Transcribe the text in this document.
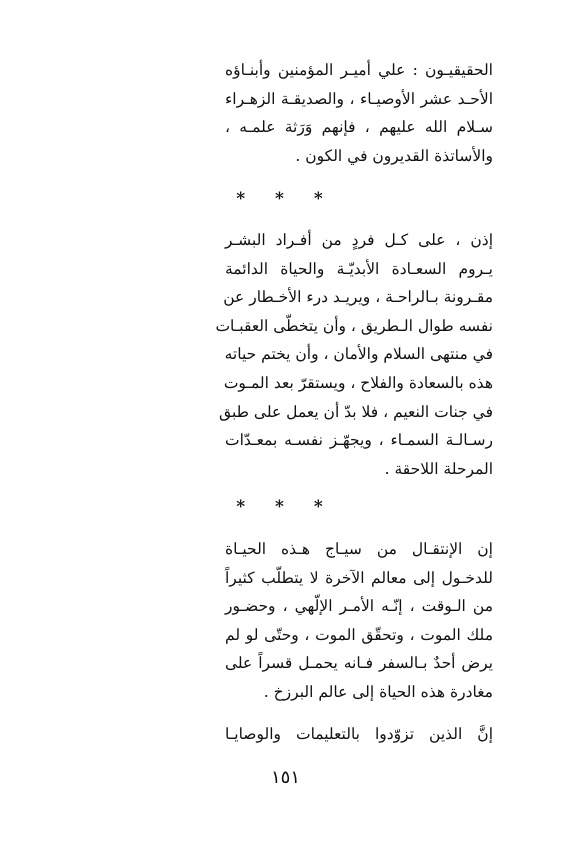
الحقيقيـون : علي أميـر المؤمنين وأبنـاؤه
الأحـد عشر الأوصيـاء ، والصديقـة الزهـراء
سـلام الله عليهم ، فإنهم وَرَثة علمـه ،
والأساتذة القديرون في الكون .
* * *
إذن ، على كـل فردٍ من أفـراد البشـر
يـروم السعـادة الأبديّـة والحياة الدائمة
مقـرونة بـالراحـة ، ويريـد درء الأخـطار عن
نفسه طوال الـطريق ، وأن يتخطّى العقبـات
في منتهى السلام والأمان ، وأن يختم حياته
هذه بالسعادة والفلاح ، ويستقرّ بعد المـوت
في جنات النعيم ، فلا بدّ أن يعمل على طبق
رسـالـة السمـاء ، ويجهّـز نفسـه بمعـدّات
المرحلة اللاحقة .
* * *
إن الإنتقـال من سيـاج هـذه الحيـاة
للدخـول إلى معالم الآخرة لا يتطلّب كثيراً
من الـوقت ، إنّـه الأمـر الإلّهي ، وحضـور
ملك الموت ، وتحقّق الموت ، وحتّى لو لم
يرض أحدٌ بـالسفر فـانه يحمـل قسراً على
مغادرة هذه الحياة إلى عالم البرزخ .
إنَّ الذين تزوّدوا بالتعليمات والوصايـا
١٥١
